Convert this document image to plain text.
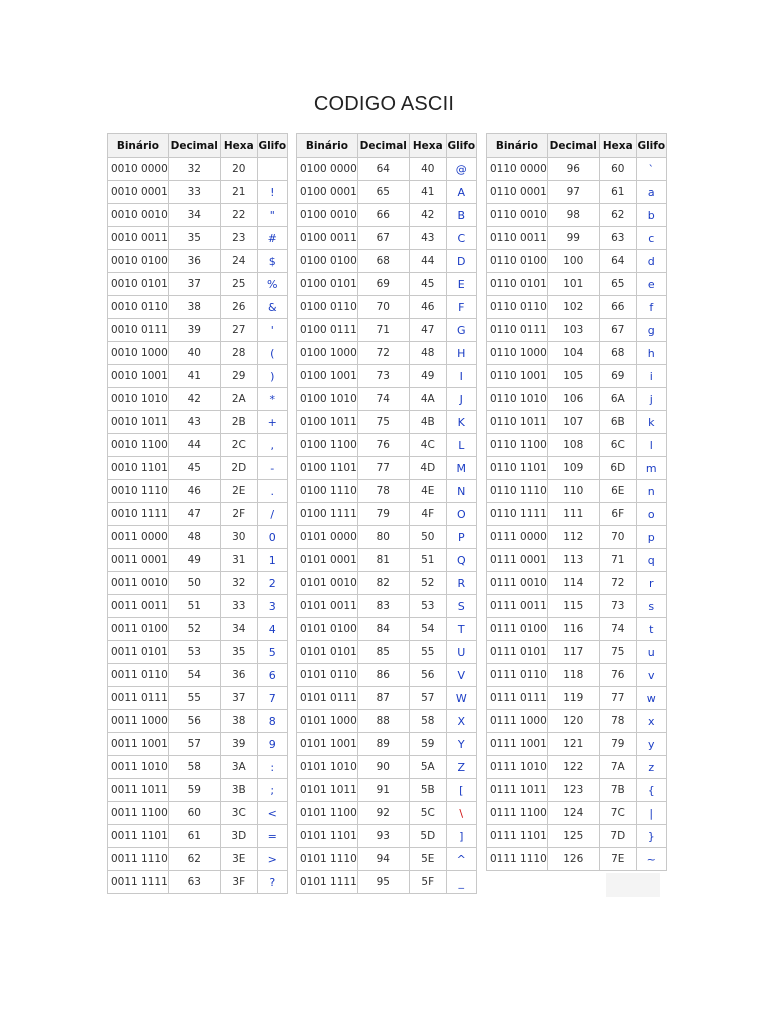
CODIGO ASCII
Binário	Decimal	Hexa	Glifo
0010 0000	32	20	
0010 0001	33	21	!
0010 0010	34	22	"
0010 0011	35	23	#
0010 0100	36	24	$
0010 0101	37	25	%
0010 0110	38	26	&
0010 0111	39	27	'
0010 1000	40	28	(
0010 1001	41	29	)
0010 1010	42	2A	*
0010 1011	43	2B	+
0010 1100	44	2C	,
0010 1101	45	2D	-
0010 1110	46	2E	.
0010 1111	47	2F	/
0011 0000	48	30	0
0011 0001	49	31	1
0011 0010	50	32	2
0011 0011	51	33	3
0011 0100	52	34	4
0011 0101	53	35	5
0011 0110	54	36	6
0011 0111	55	37	7
0011 1000	56	38	8
0011 1001	57	39	9
0011 1010	58	3A	:
0011 1011	59	3B	;
0011 1100	60	3C	<
0011 1101	61	3D	=
0011 1110	62	3E	>
0011 1111	63	3F	?
Binário	Decimal	Hexa	Glifo
0100 0000	64	40	@
0100 0001	65	41	A
0100 0010	66	42	B
0100 0011	67	43	C
0100 0100	68	44	D
0100 0101	69	45	E
0100 0110	70	46	F
0100 0111	71	47	G
0100 1000	72	48	H
0100 1001	73	49	I
0100 1010	74	4A	J
0100 1011	75	4B	K
0100 1100	76	4C	L
0100 1101	77	4D	M
0100 1110	78	4E	N
0100 1111	79	4F	O
0101 0000	80	50	P
0101 0001	81	51	Q
0101 0010	82	52	R
0101 0011	83	53	S
0101 0100	84	54	T
0101 0101	85	55	U
0101 0110	86	56	V
0101 0111	87	57	W
0101 1000	88	58	X
0101 1001	89	59	Y
0101 1010	90	5A	Z
0101 1011	91	5B	[
0101 1100	92	5C	\
0101 1101	93	5D	]
0101 1110	94	5E	^
0101 1111	95	5F	_
Binário	Decimal	Hexa	Glifo
0110 0000	96	60	`
0110 0001	97	61	a
0110 0010	98	62	b
0110 0011	99	63	c
0110 0100	100	64	d
0110 0101	101	65	e
0110 0110	102	66	f
0110 0111	103	67	g
0110 1000	104	68	h
0110 1001	105	69	i
0110 1010	106	6A	j
0110 1011	107	6B	k
0110 1100	108	6C	l
0110 1101	109	6D	m
0110 1110	110	6E	n
0110 1111	111	6F	o
0111 0000	112	70	p
0111 0001	113	71	q
0111 0010	114	72	r
0111 0011	115	73	s
0111 0100	116	74	t
0111 0101	117	75	u
0111 0110	118	76	v
0111 0111	119	77	w
0111 1000	120	78	x
0111 1001	121	79	y
0111 1010	122	7A	z
0111 1011	123	7B	{
0111 1100	124	7C	|
0111 1101	125	7D	}
0111 1110	126	7E	~
